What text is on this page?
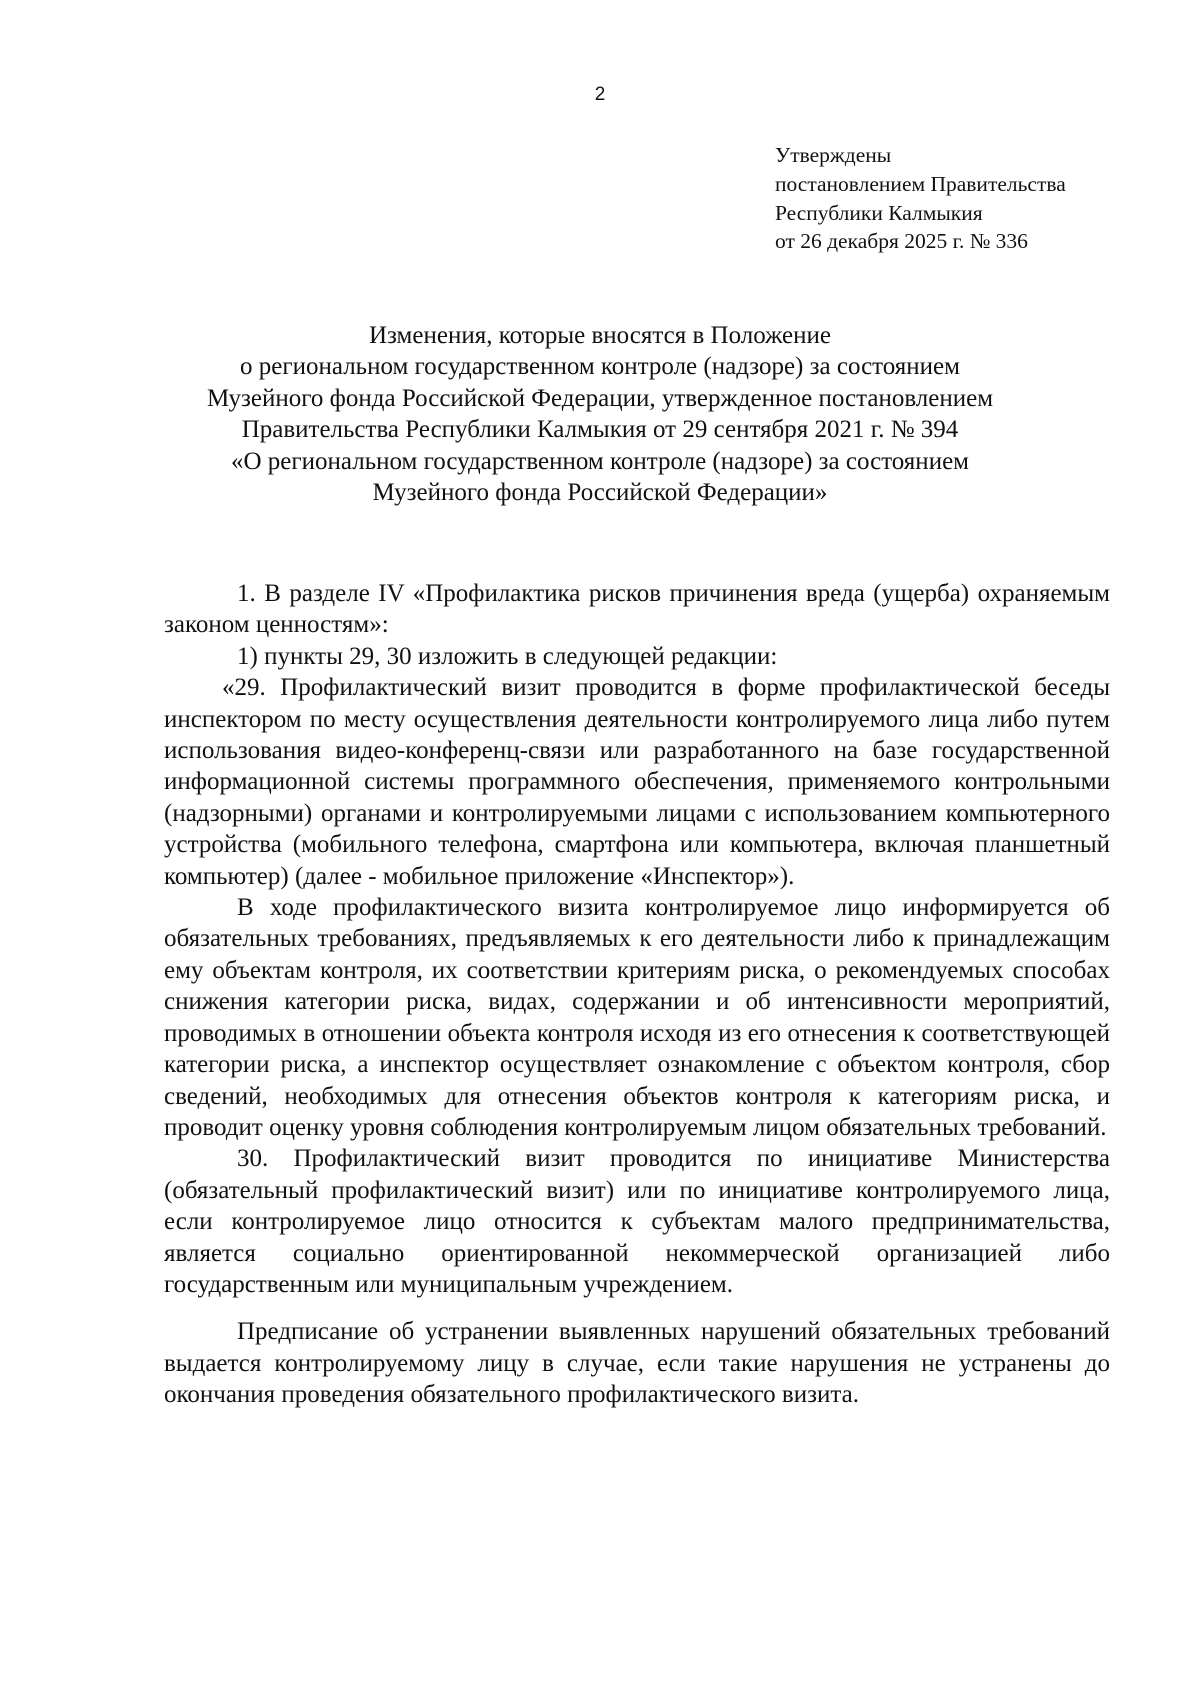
2
Утверждены
постановлением Правительства
Республики Калмыкия
от 26 декабря 2025 г. № 336
Изменения, которые вносятся в Положение
о региональном государственном контроле (надзоре) за состоянием
Музейного фонда Российской Федерации, утвержденное постановлением
Правительства Республики Калмыкия от 29 сентября 2021 г. № 394
«О региональном государственном контроле (надзоре) за состоянием
Музейного фонда Российской Федерации»

1. В разделе IV «Профилактика рисков причинения вреда (ущерба) охраняемым законом ценностям»:

1) пункты 29, 30 изложить в следующей редакции:

«29. Профилактический визит проводится в форме профилактической беседы инспектором по месту осуществления деятельности контролируемого лица либо путем использования видео-конференц-связи или разработанного на базе государственной информационной системы программного обеспечения, применяемого контрольными (надзорными) органами и контролируемыми лицами с использованием компьютерного устройства (мобильного телефона, смартфона или компьютера, включая планшетный компьютер) (далее - мобильное приложение «Инспектор»).

В ходе профилактического визита контролируемое лицо информируется об обязательных требованиях, предъявляемых к его деятельности либо к принадлежащим ему объектам контроля, их соответствии критериям риска, о рекомендуемых способах снижения категории риска, видах, содержании и об интенсивности мероприятий, проводимых в отношении объекта контроля исходя из его отнесения к соответствующей категории риска, а инспектор осуществляет ознакомление с объектом контроля, сбор сведений, необходимых для отнесения объектов контроля к категориям риска, и проводит оценку уровня соблюдения контролируемым лицом обязательных требований.

30. Профилактический визит проводится по инициативе Министерства (обязательный профилактический визит) или по инициативе контролируемого лица, если контролируемое лицо относится к субъектам малого предпринимательства, является социально ориентированной некоммерческой организацией либо государственным или муниципальным учреждением.

Предписание об устранении выявленных нарушений обязательных требований выдается контролируемому лицу в случае, если такие нарушения не устранены до окончания проведения обязательного профилактического визита.
